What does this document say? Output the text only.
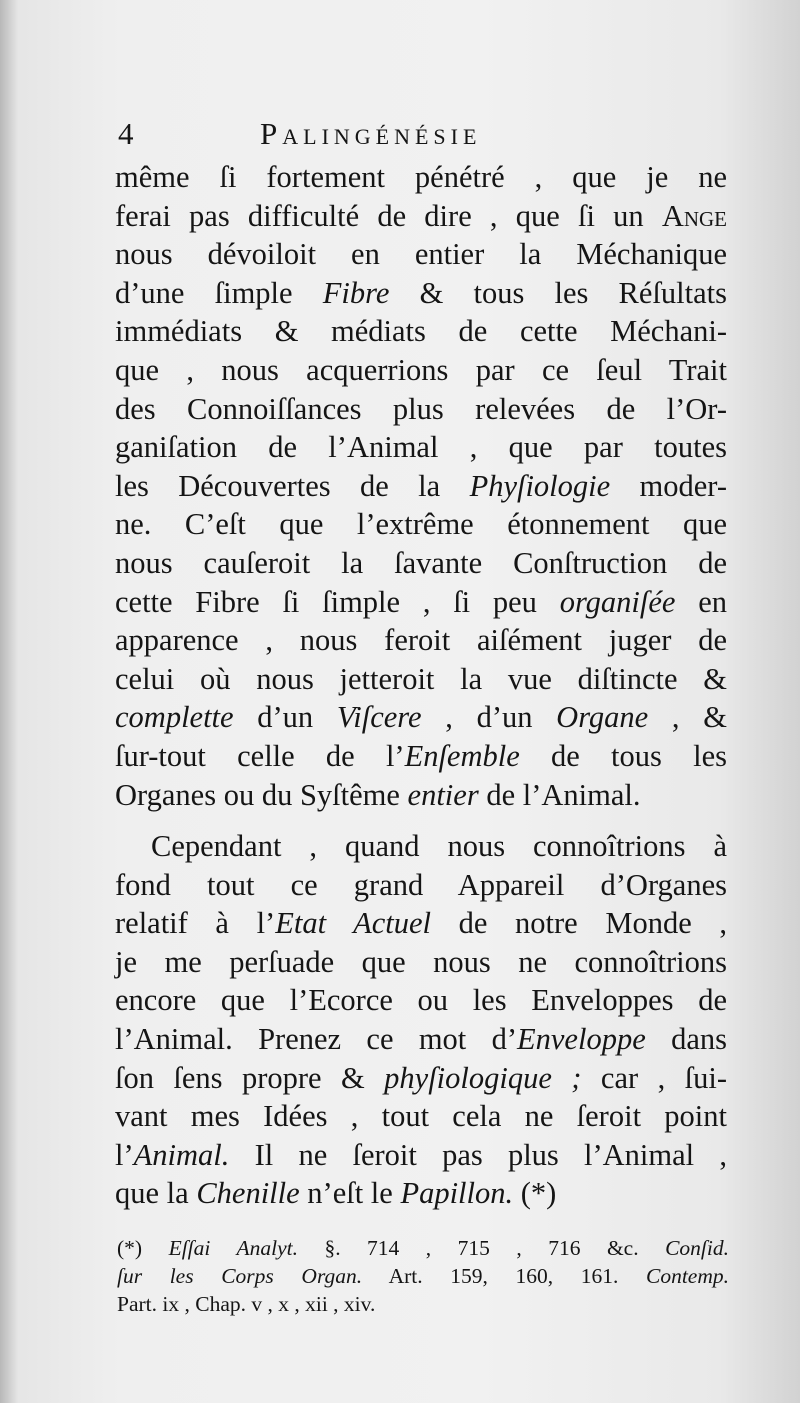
4	Palingénésie
même ſi fortement pénétré , que je ne
ferai pas difficulté de dire , que ſi un Ange
nous dévoiloit en entier la Méchanique
d’une ſimple Fibre & tous les Réſultats
immédiats & médiats de cette Méchani-
que , nous acquerrions par ce ſeul Trait
des Connoiſſances plus relevées de l’Or-
ganiſation de l’Animal , que par toutes
les Découvertes de la Phyſiologie moder-
ne. C’eſt que l’extrême étonnement que
nous cauſeroit la ſavante Conſtruction de
cette Fibre ſi ſimple , ſi peu organiſée en
apparence , nous feroit aiſément juger de
celui où nous jetteroit la vue diſtincte &
complette d’un Viſcere , d’un Organe , &
ſur-tout celle de l’Enſemble de tous les
Organes ou du Syſtême entier de l’Animal.
Cependant , quand nous connoîtrions à
fond tout ce grand Appareil d’Organes
relatif à l’Etat Actuel de notre Monde ,
je me perſuade que nous ne connoîtrions
encore que l’Ecorce ou les Enveloppes de
l’Animal. Prenez ce mot d’Enveloppe dans
ſon ſens propre & phyſiologique ; car , ſui-
vant mes Idées , tout cela ne ſeroit point
l’Animal. Il ne ſeroit pas plus l’Animal ,
que la Chenille n’eſt le Papillon. (*)
(*) Eſſai Analyt. §. 714 , 715 , 716 &c. Conſid.
ſur les Corps Organ. Art. 159, 160, 161. Contemp.
Part. ix , Chap. v , x , xii , xiv.
